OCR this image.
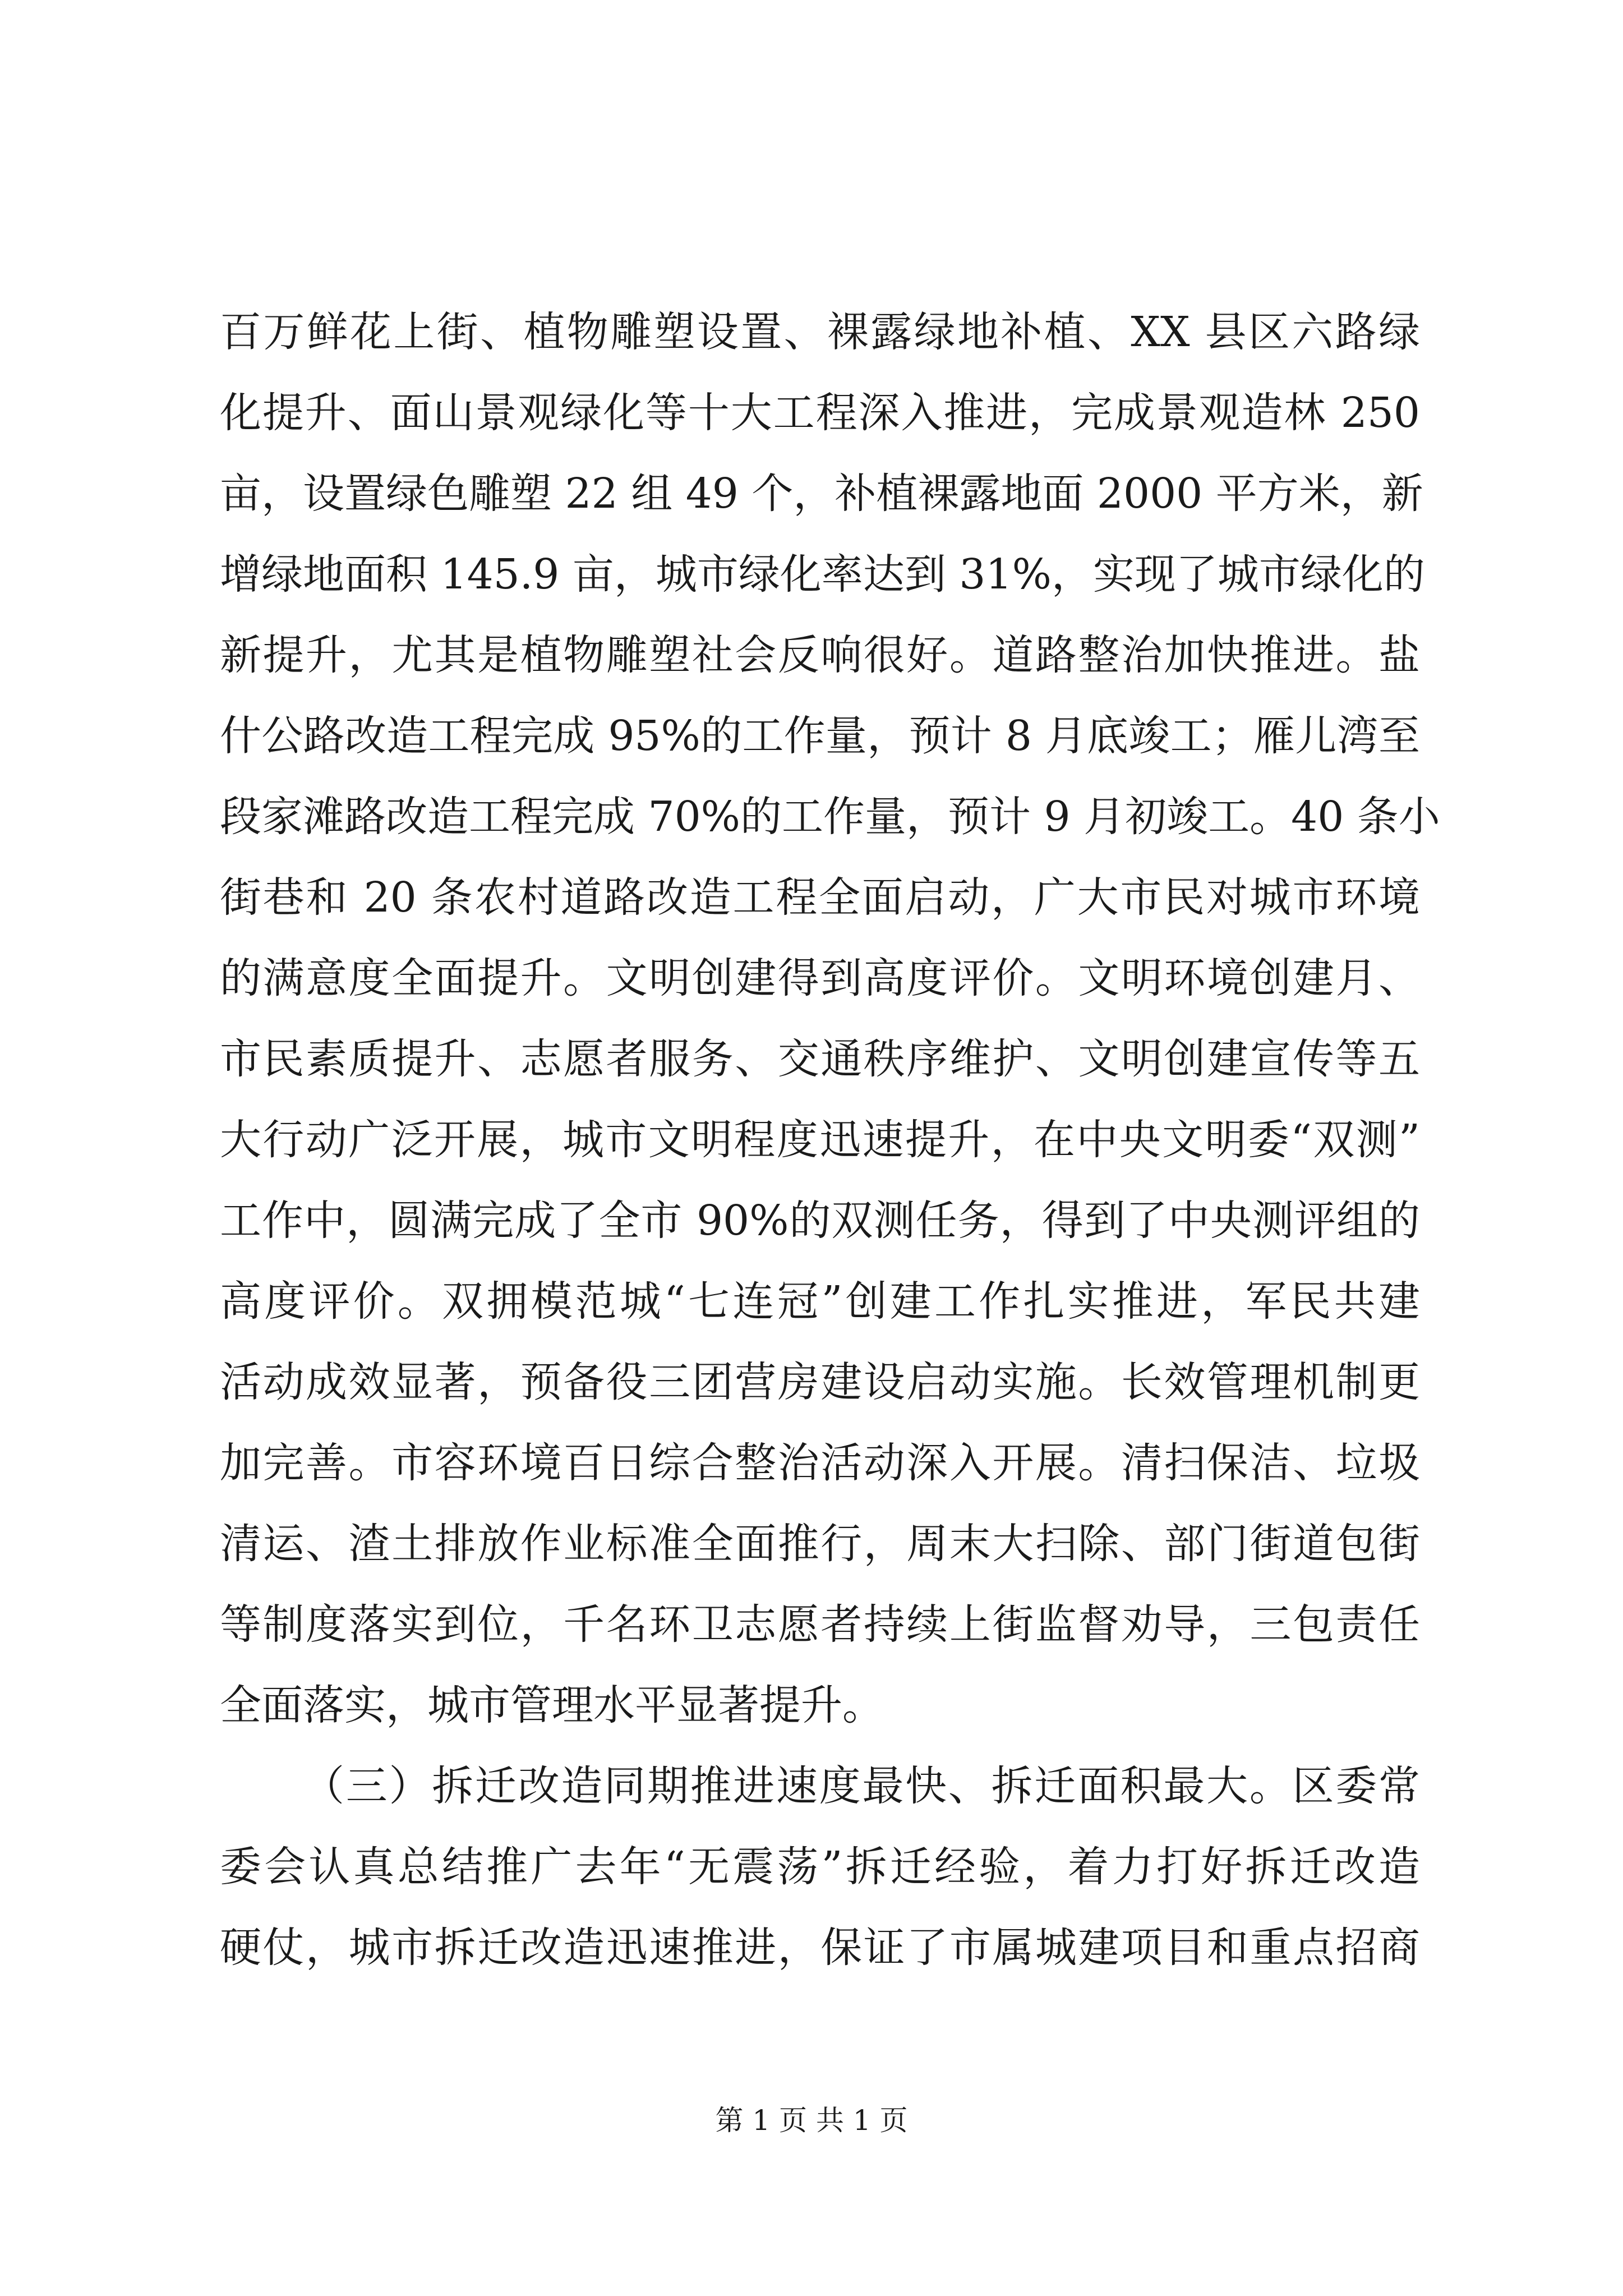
百万鲜花上街、植物雕塑设置、裸露绿地补植、XX 县区六路绿
化提升、面山景观绿化等十大工程深入推进，完成景观造林 250
亩，设置绿色雕塑 22 组 49 个，补植裸露地面 2000 平方米，新
增绿地面积 145.9 亩，城市绿化率达到 31%，实现了城市绿化的
新提升，尤其是植物雕塑社会反响很好。道路整治加快推进。盐
什公路改造工程完成 95%的工作量，预计 8 月底竣工；雁儿湾至
段家滩路改造工程完成 70%的工作量，预计 9 月初竣工。40 条小
街巷和 20 条农村道路改造工程全面启动，广大市民对城市环境
的满意度全面提升。文明创建得到高度评价。文明环境创建月、
市民素质提升、志愿者服务、交通秩序维护、文明创建宣传等五
大行动广泛开展，城市文明程度迅速提升，在中央文明委“双测”
工作中，圆满完成了全市 90%的双测任务，得到了中央测评组的
高度评价。双拥模范城“七连冠”创建工作扎实推进，军民共建
活动成效显著，预备役三团营房建设启动实施。长效管理机制更
加完善。市容环境百日综合整治活动深入开展。清扫保洁、垃圾
清运、渣土排放作业标准全面推行，周末大扫除、部门街道包街
等制度落实到位，千名环卫志愿者持续上街监督劝导，三包责任
全面落实，城市管理水平显著提升。
（三）拆迁改造同期推进速度最快、拆迁面积最大。区委常
委会认真总结推广去年“无震荡”拆迁经验，着力打好拆迁改造
硬仗，城市拆迁改造迅速推进，保证了市属城建项目和重点招商
第 1 页 共 1 页
